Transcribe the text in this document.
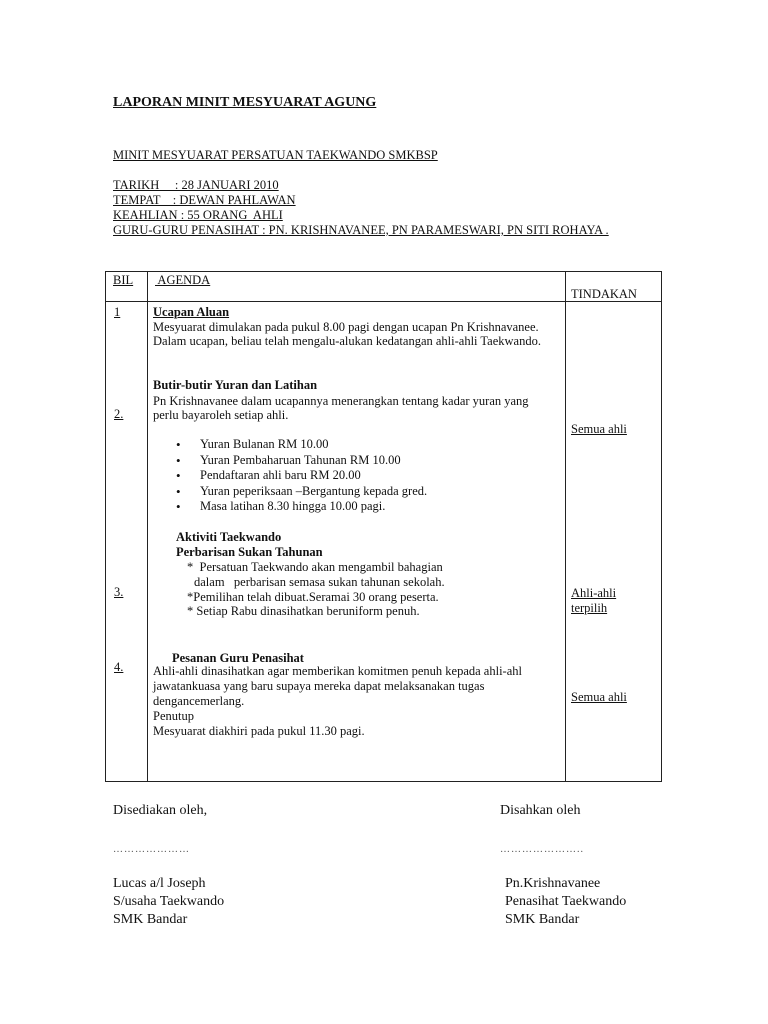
LAPORAN MINIT MESYUARAT AGUNG
MINIT MESYUARAT PERSATUAN TAEKWANDO SMKBSP
TARIKH     : 28 JANUARI 2010
TEMPAT    : DEWAN PAHLAWAN
KEAHLIAN : 55 ORANG  AHLI
GURU-GURU PENASIHAT : PN. KRISHNAVANEE, PN PARAMESWARI, PN SITI ROHAYA .
BIL AGENDA
TINDAKAN
1	Ucapan Aluan
Mesyuarat dimulakan pada pukul 8.00 pagi dengan ucapan Pn Krishnavanee.
Dalam ucapan, beliau telah mengalu-alukan kedatangan ahli-ahli Taekwando.
Butir-butir Yuran dan Latihan
Pn Krishnavanee dalam ucapannya menerangkan tentang kadar yuran yang
perlu bayaroleh setiap ahli.
2.
Semua ahli
• Yuran Bulanan RM 10.00
• Yuran Pembaharuan Tahunan RM 10.00
• Pendaftaran ahli baru RM 20.00
• Yuran peperiksaan –Bergantung kepada gred.
• Masa latihan 8.30 hingga 10.00 pagi.
Aktiviti Taekwando
Perbarisan Sukan Tahunan
*  Persatuan Taekwando akan mengambil bahagian
dalam   perbarisan semasa sukan tahunan sekolah.
*Pemilihan telah dibuat.Seramai 30 orang peserta.
* Setiap Rabu dinasihatkan beruniform penuh.
3.	Ahli-ahli
terpilih
Pesanan Guru Penasihat
4. Ahli-ahli dinasihatkan agar memberikan komitmen penuh kepada ahli-ahl
jawatankuasa yang baru supaya mereka dapat melaksanakan tugas
dengancemerlang.
Penutup
Mesyuarat diakhiri pada pukul 11.30 pagi.
Semua ahli
Disediakan oleh,
…………………
Lucas a/l Joseph
S/usaha Taekwando
SMK Bandar
Disahkan oleh
…………………..
Pn.Krishnavanee
Penasihat Taekwando
SMK Bandar
